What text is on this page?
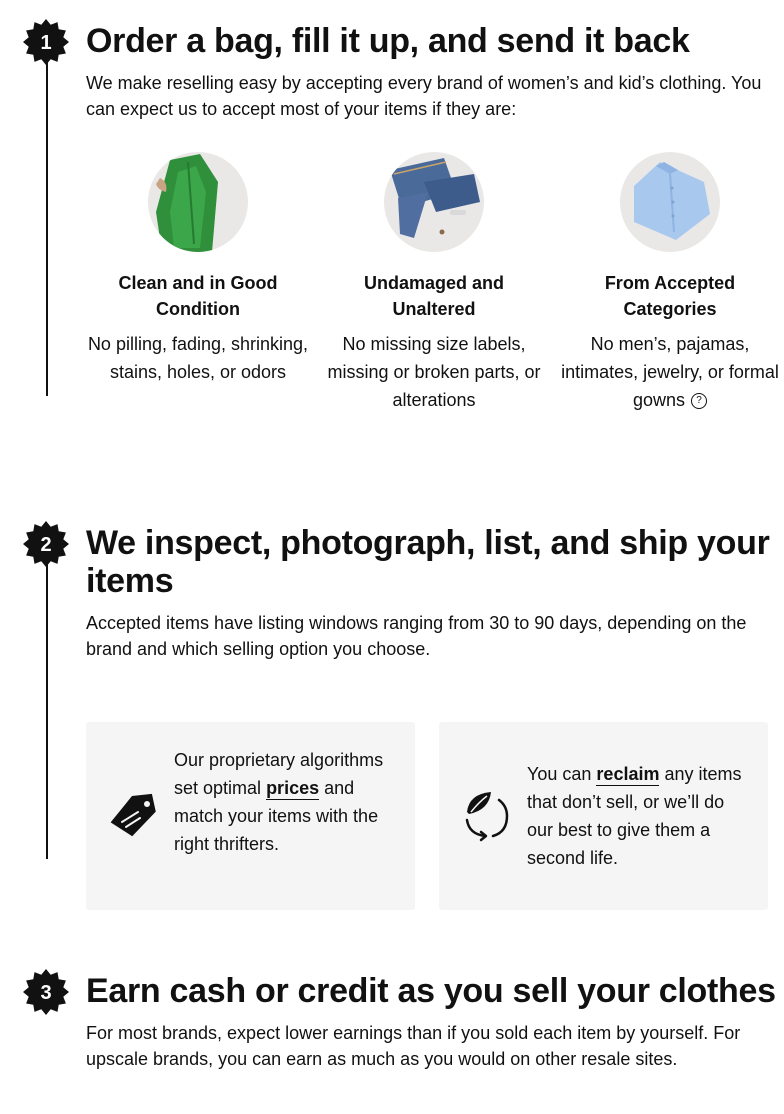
1 Order a bag, fill it up, and send it back

We make reselling easy by accepting every brand of women’s and kid’s clothing. You can expect us to accept most of your items if they are:

Clean and in Good Condition

No pilling, fading, shrinking, stains, holes, or odors

Undamaged and Unaltered

No missing size labels, missing or broken parts, or alterations

From Accepted Categories

No men’s, pajamas, intimates, jewelry, or formal gowns ?

2 We inspect, photograph, list, and ship your items

Accepted items have listing windows ranging from 30 to 90 days, depending on the brand and which selling option you choose.

Our proprietary algorithms set optimal prices and match your items with the right thrifters.

You can reclaim any items that don’t sell, or we’ll do our best to give them a second life.

3 Earn cash or credit as you sell your clothes

For most brands, expect lower earnings than if you sold each item by yourself. For upscale brands, you can earn as much as you would on other resale sites.
